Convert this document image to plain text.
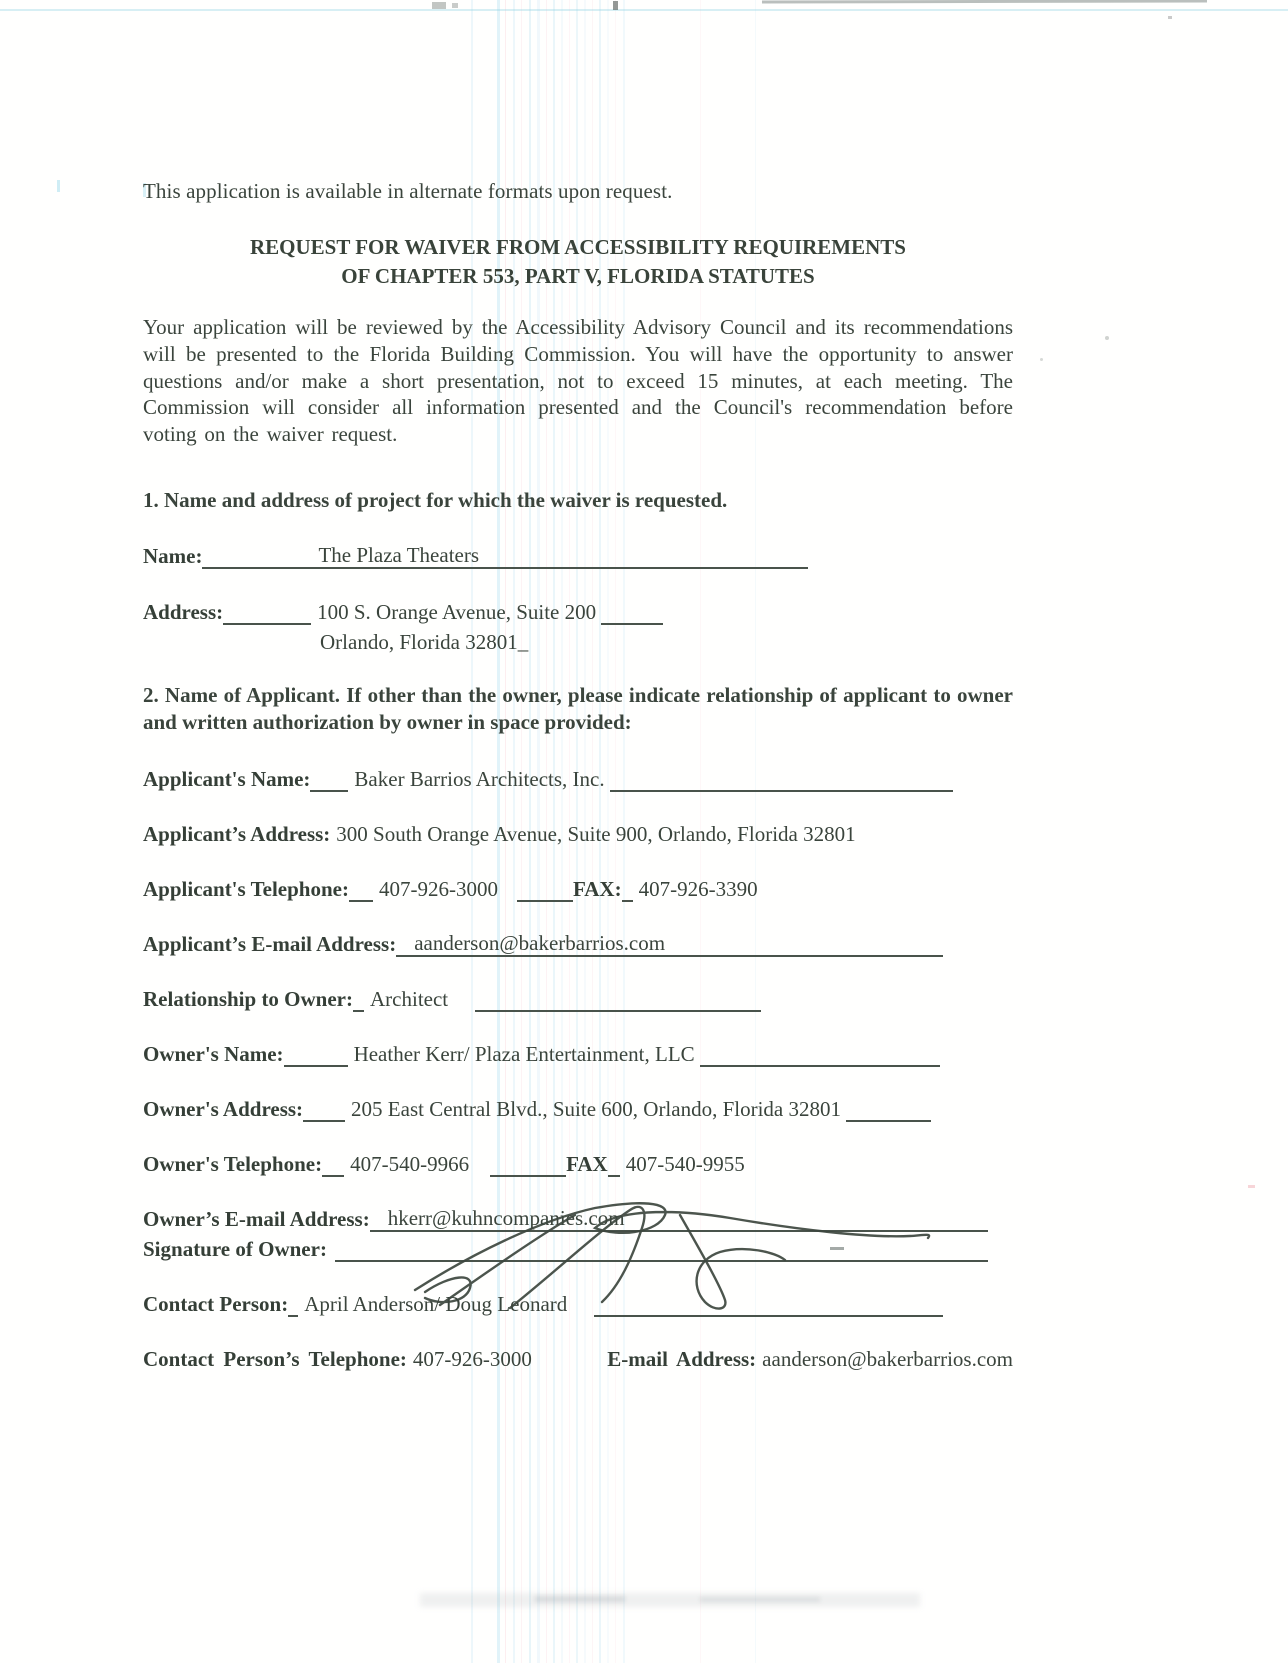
This application is available in alternate formats upon request.
REQUEST FOR WAIVER FROM ACCESSIBILITY REQUIREMENTS
OF CHAPTER 553, PART V, FLORIDA STATUTES
Your application will be reviewed by the Accessibility Advisory Council and its recommendations will be presented to the Florida Building Commission. You will have the opportunity to answer questions and/or make a short presentation, not to exceed 15 minutes, at each meeting. The Commission will consider all information presented and the Council's recommendation before voting on the waiver request.
1. Name and address of project for which the waiver is requested.
Name:	The Plaza Theaters
Address:	100 S. Orange Avenue, Suite 200
Orlando, Florida 32801_
2. Name of Applicant. If other than the owner, please indicate relationship of applicant to owner and written authorization by owner in space provided:
Applicant's Name: Baker Barrios Architects, Inc.
Applicant’s Address: 300 South Orange Avenue, Suite 900, Orlando, Florida 32801
Applicant's Telephone: 407-926-3000	FAX: 407-926-3390
Applicant’s E-mail Address: aanderson@bakerbarrios.com
Relationship to Owner: Architect
Owner's Name:	Heather Kerr/ Plaza Entertainment, LLC
Owner's Address: 205 East Central Blvd., Suite 600, Orlando, Florida 32801
Owner's Telephone: 407-540-9966	FAX 407-540-9955
Owner’s E-mail Address: hkerr@kuhncompanies.com
Signature of Owner:
Contact Person: April Anderson/ Doug Leonard
Contact Person’s Telephone: 407-926-3000	E-mail Address: aanderson@bakerbarrios.com
